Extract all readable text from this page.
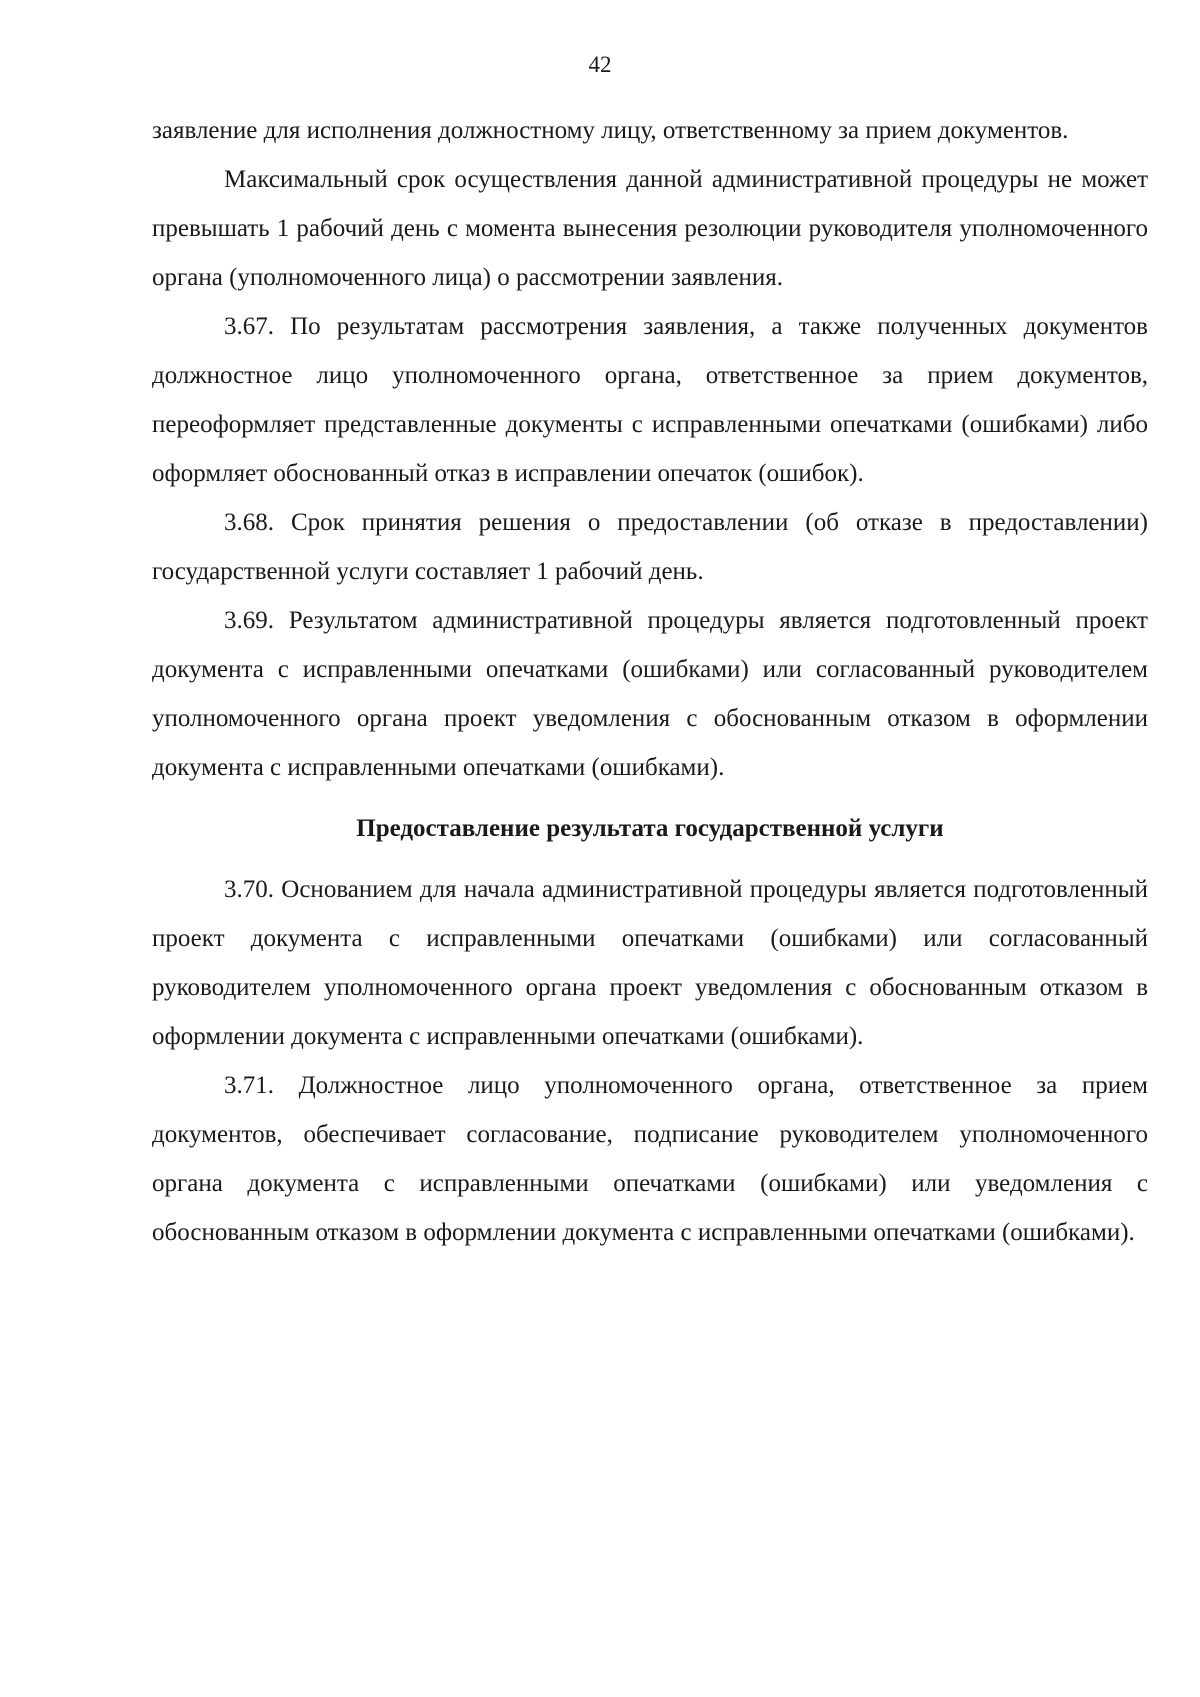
42

заявление для исполнения должностному лицу, ответственному за прием документов.

Максимальный срок осуществления данной административной процедуры не может превышать 1 рабочий день с момента вынесения резолюции руководителя уполномоченного органа (уполномоченного лица) о рассмотрении заявления.

3.67. По результатам рассмотрения заявления, а также полученных документов должностное лицо уполномоченного органа, ответственное за прием документов, переоформляет представленные документы с исправленными опечатками (ошибками) либо оформляет обоснованный отказ в исправлении опечаток (ошибок).

3.68. Срок принятия решения о предоставлении (об отказе в предоставлении) государственной услуги составляет 1 рабочий день.

3.69. Результатом административной процедуры является подготовленный проект документа с исправленными опечатками (ошибками) или согласованный руководителем уполномоченного органа проект уведомления с обоснованным отказом в оформлении документа с исправленными опечатками (ошибками).

Предоставление результата государственной услуги

3.70. Основанием для начала административной процедуры является подготовленный проект документа с исправленными опечатками (ошибками) или согласованный руководителем уполномоченного органа проект уведомления с обоснованным отказом в оформлении документа с исправленными опечатками (ошибками).

3.71. Должностное лицо уполномоченного органа, ответственное за прием документов, обеспечивает согласование, подписание руководителем уполномоченного органа документа с исправленными опечатками (ошибками) или уведомления с обоснованным отказом в оформлении документа с исправленными опечатками (ошибками).
